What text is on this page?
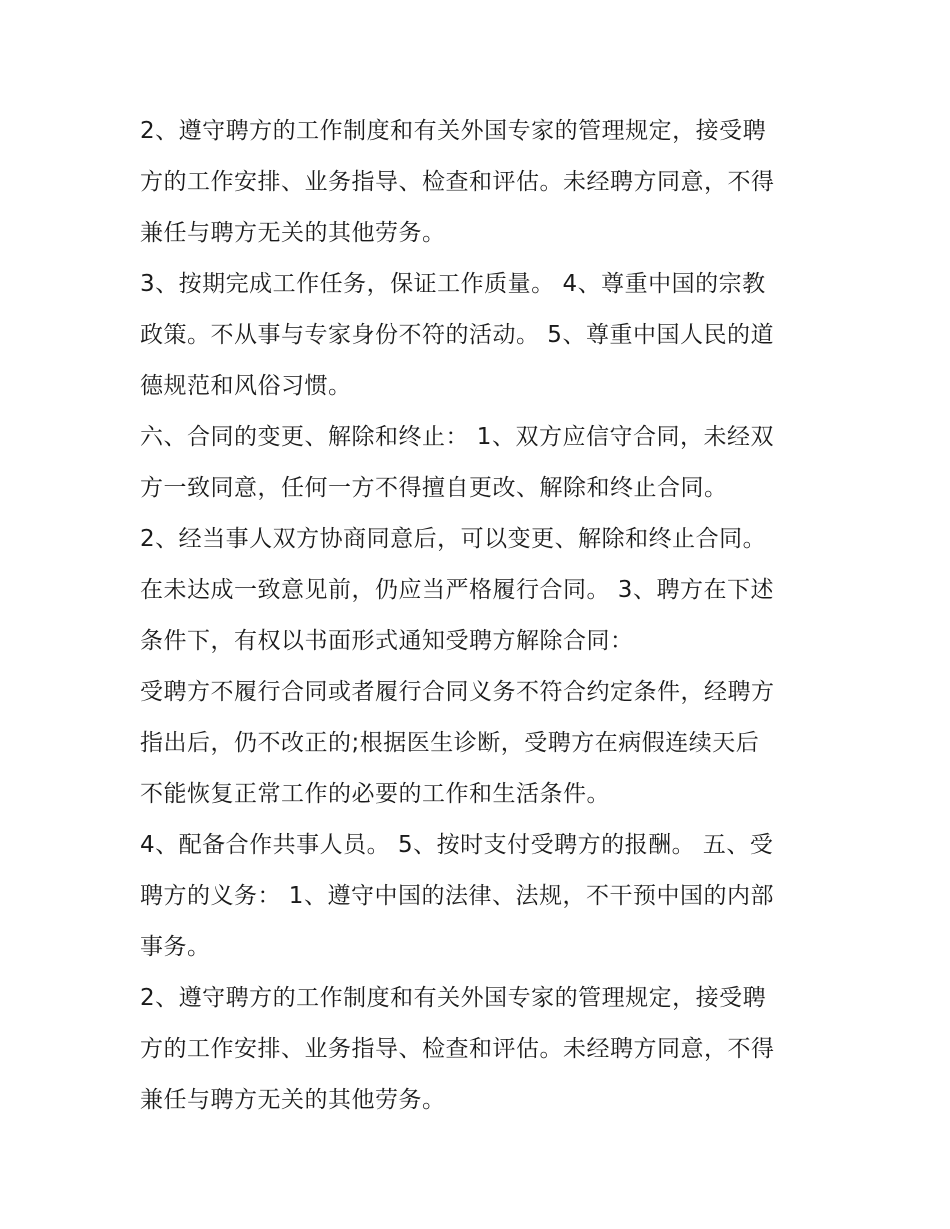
2、遵守聘方的工作制度和有关外国专家的管理规定，接受聘
方的工作安排、业务指导、检查和评估。未经聘方同意，不得
兼任与聘方无关的其他劳务。
3、按期完成工作任务，保证工作质量。 4、尊重中国的宗教
政策。不从事与专家身份不符的活动。 5、尊重中国人民的道
德规范和风俗习惯。
六、合同的变更、解除和终止： 1、双方应信守合同，未经双
方一致同意，任何一方不得擅自更改、解除和终止合同。
2、经当事人双方协商同意后，可以变更、解除和终止合同。
在未达成一致意见前，仍应当严格履行合同。 3、聘方在下述
条件下，有权以书面形式通知受聘方解除合同：
受聘方不履行合同或者履行合同义务不符合约定条件，经聘方
指出后，仍不改正的;根据医生诊断，受聘方在病假连续天后
不能恢复正常工作的必要的工作和生活条件。
4、配备合作共事人员。 5、按时支付受聘方的报酬。 五、受
聘方的义务： 1、遵守中国的法律、法规，不干预中国的内部
事务。
2、遵守聘方的工作制度和有关外国专家的管理规定，接受聘
方的工作安排、业务指导、检查和评估。未经聘方同意，不得
兼任与聘方无关的其他劳务。
